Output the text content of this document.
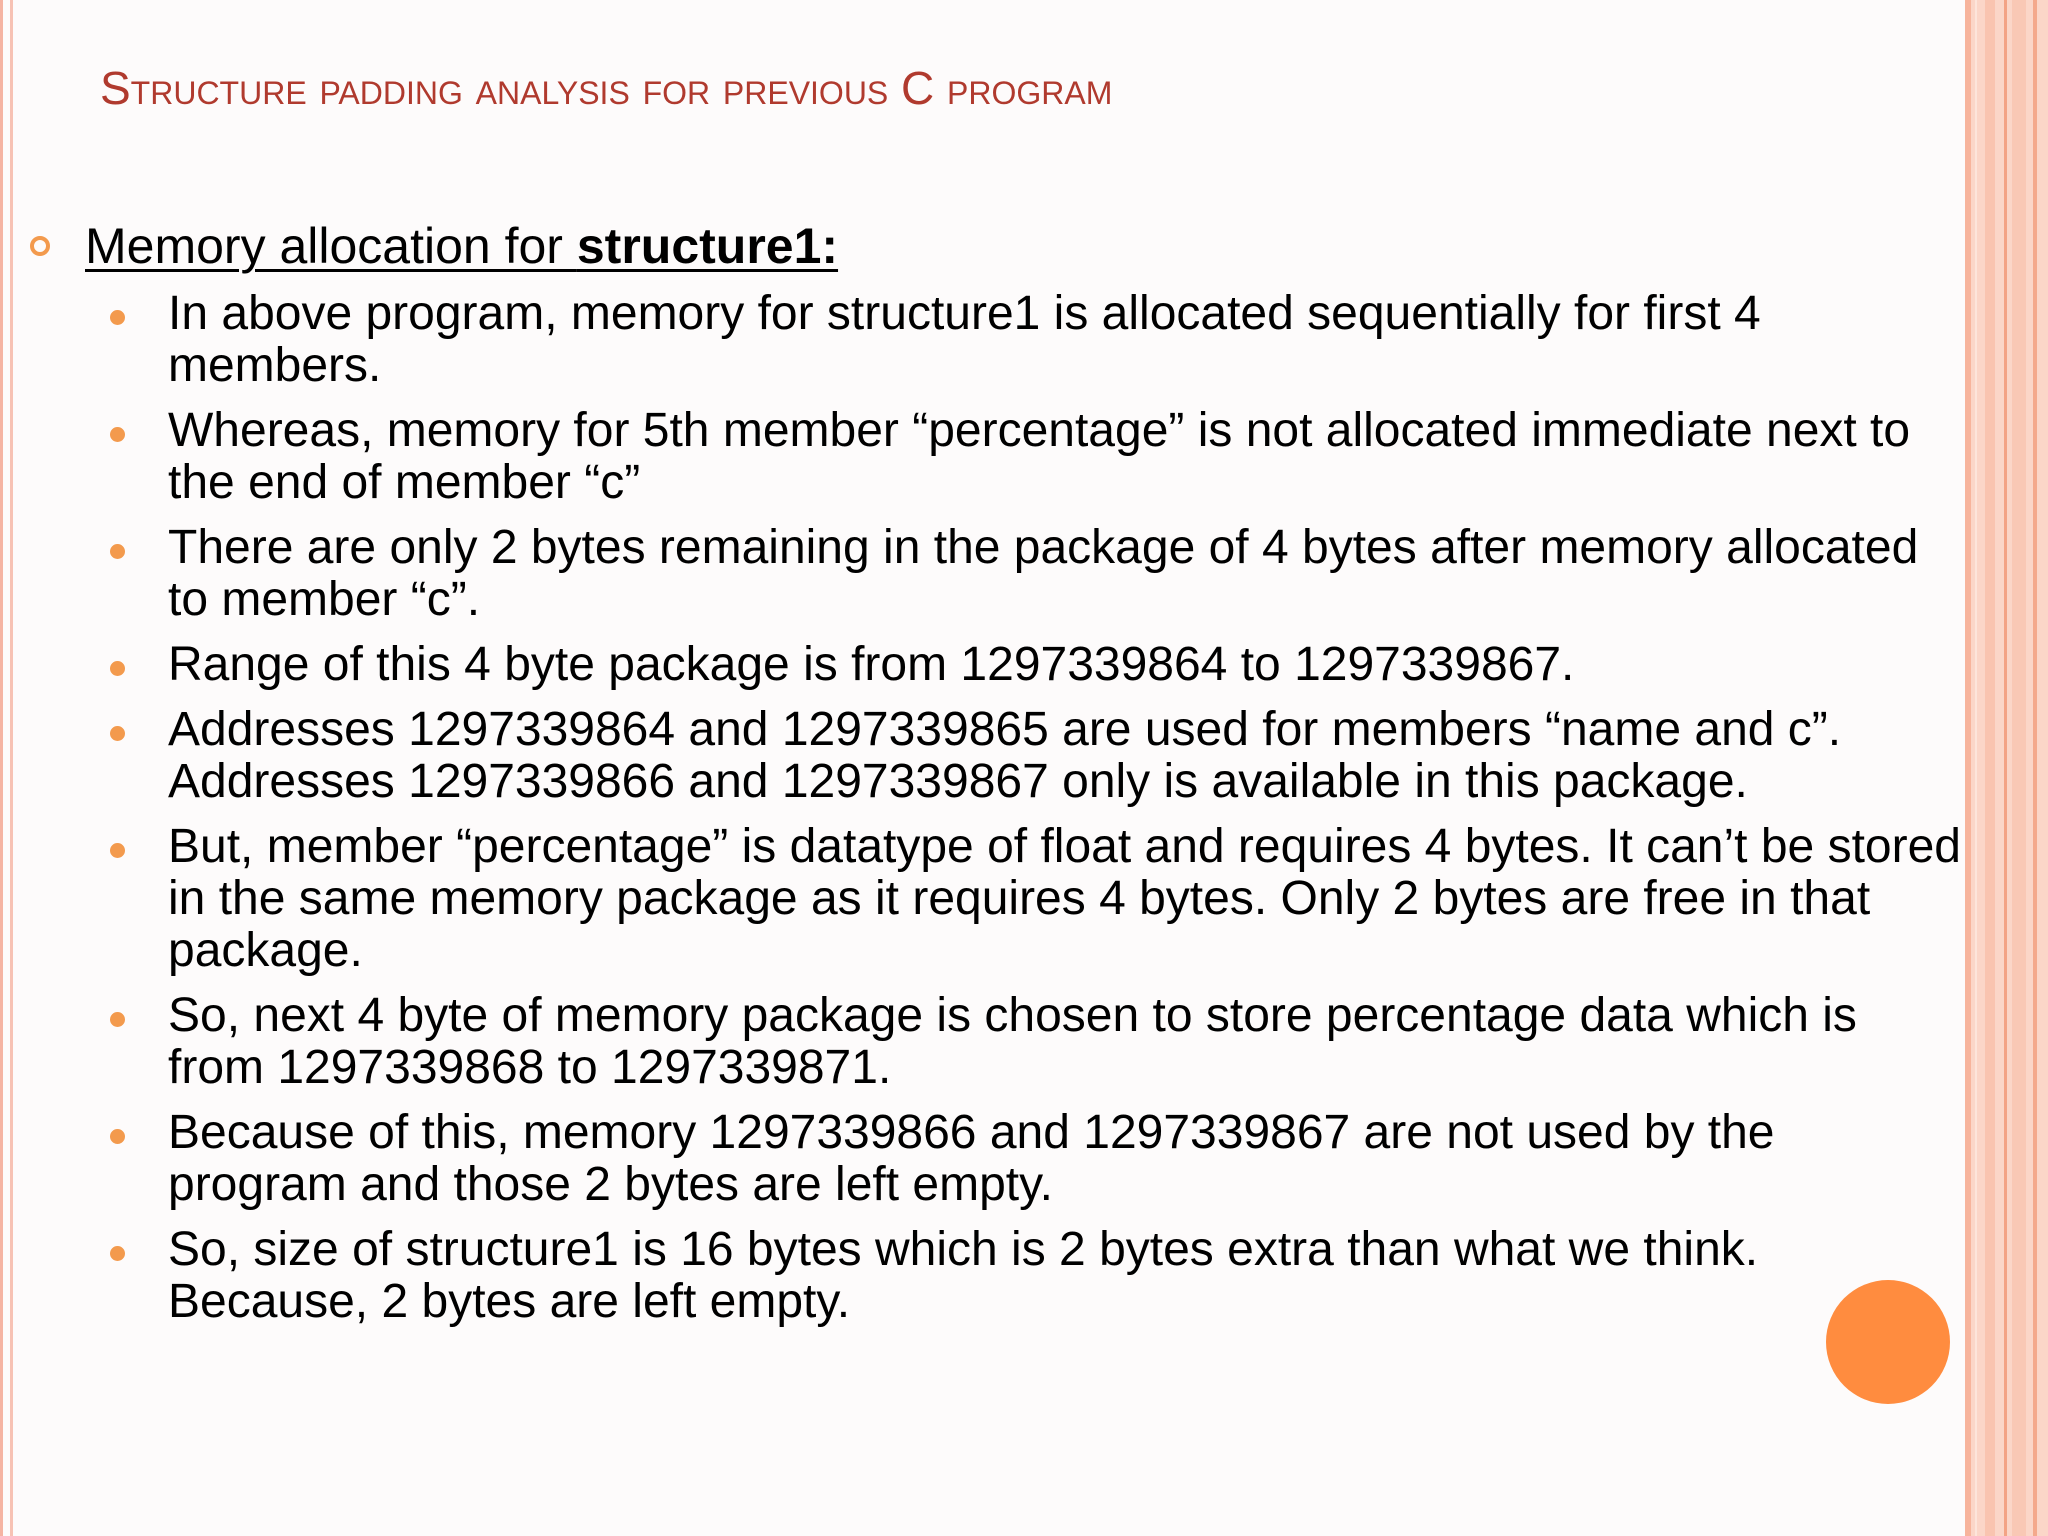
Structure padding analysis for previous C program
Memory allocation for structure1:
In above program, memory for structure1 is allocated sequentially for first 4 members.
Whereas, memory for 5th member “percentage” is not allocated immediate next to the end of member “c”
There are only 2 bytes remaining in the package of 4 bytes after memory allocated to member “c”.
Range of this 4 byte package is from 1297339864 to 1297339867.
Addresses 1297339864 and 1297339865 are used for members “name and c”. Addresses 1297339866 and 1297339867 only is available in this package.
But, member “percentage” is datatype of float and requires 4 bytes. It can’t be stored in the same memory package as it requires 4 bytes. Only 2 bytes are free in that package.
So, next 4 byte of memory package is chosen to store percentage data which is from 1297339868 to 1297339871.
Because of this, memory 1297339866 and 1297339867 are not used by the program and those 2 bytes are left empty.
So, size of structure1 is 16 bytes which is 2 bytes extra than what we think. Because, 2 bytes are left empty.
